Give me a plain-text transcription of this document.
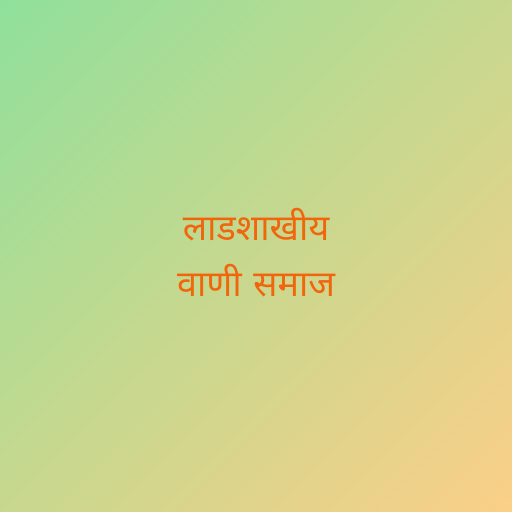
लाडशाखीय
वाणी समाज
